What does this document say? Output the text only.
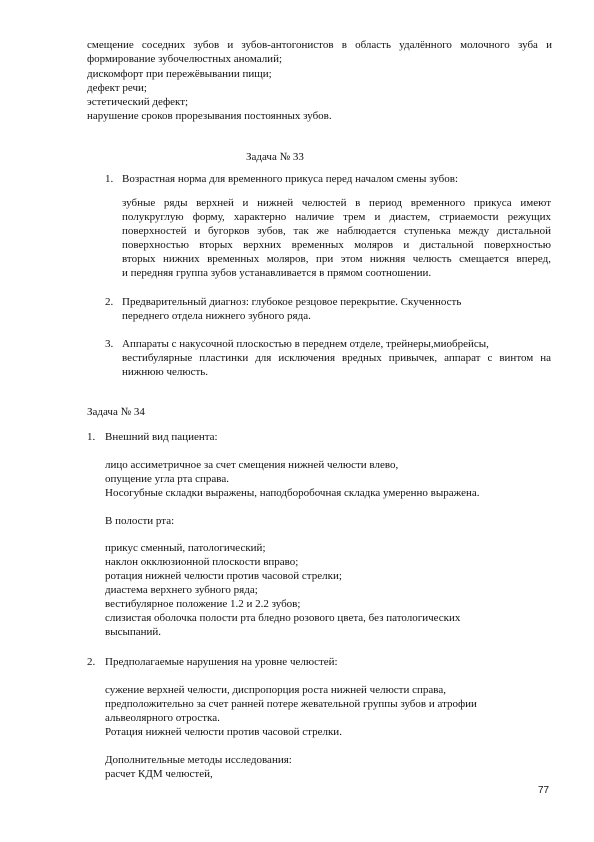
смещение соседних зубов и зубов-антогонистов в область удалённого молочного зуба и
формирование зубочелюстных аномалий;
дискомфорт при пережёвывании пищи;
дефект речи;
эстетический дефект;
нарушение сроков прорезывания постоянных зубов.
Задача № 33
1. Возрастная норма для временного прикуса перед началом смены зубов:
зубные ряды верхней и нижней челюстей в период временного прикуса имеют
полукруглую форму, характерно наличие трем и диастем, стриаемости режущих
поверхностей и бугорков зубов, так же наблюдается ступенька между дистальной
поверхностью вторых верхних временных моляров и дистальной поверхностью
вторых нижних временных моляров, при этом нижняя челюсть смещается вперед,
и передняя группа зубов устанавливается в прямом соотношении.
2. Предварительный диагноз: глубокое резцовое перекрытие. Скученность
переднего отдела нижнего зубного ряда.
3. Аппараты с накусочной плоскостью в переднем отделе, трейнеры,миобрейсы,
вестибулярные пластинки для исключения вредных привычек, аппарат с винтом на
нижнюю челюсть.
Задача № 34
1. Внешний вид пациента:
лицо ассиметричное за счет смещения нижней челюсти влево,
опущение угла рта справа.
Носогубные складки выражены, наподборобочная складка умеренно выражена.
В полости рта:
прикус сменный, патологический;
наклон окклюзионной плоскости вправо;
ротация нижней челюсти против часовой стрелки;
диастема верхнего зубного ряда;
вестибулярное положение 1.2 и 2.2 зубов;
слизистая оболочка полости рта бледно розового цвета, без патологических
высыпаний.
2. Предполагаемые нарушения на уровне челюстей:
сужение верхней челюсти, диспропорция роста нижней челюсти справа,
предположительно за счет ранней потере жевательной группы зубов и атрофии
альвеолярного отростка.
Ротация нижней челюсти против часовой стрелки.
Дополнительные методы исследования:
расчет КДМ челюстей,
77
